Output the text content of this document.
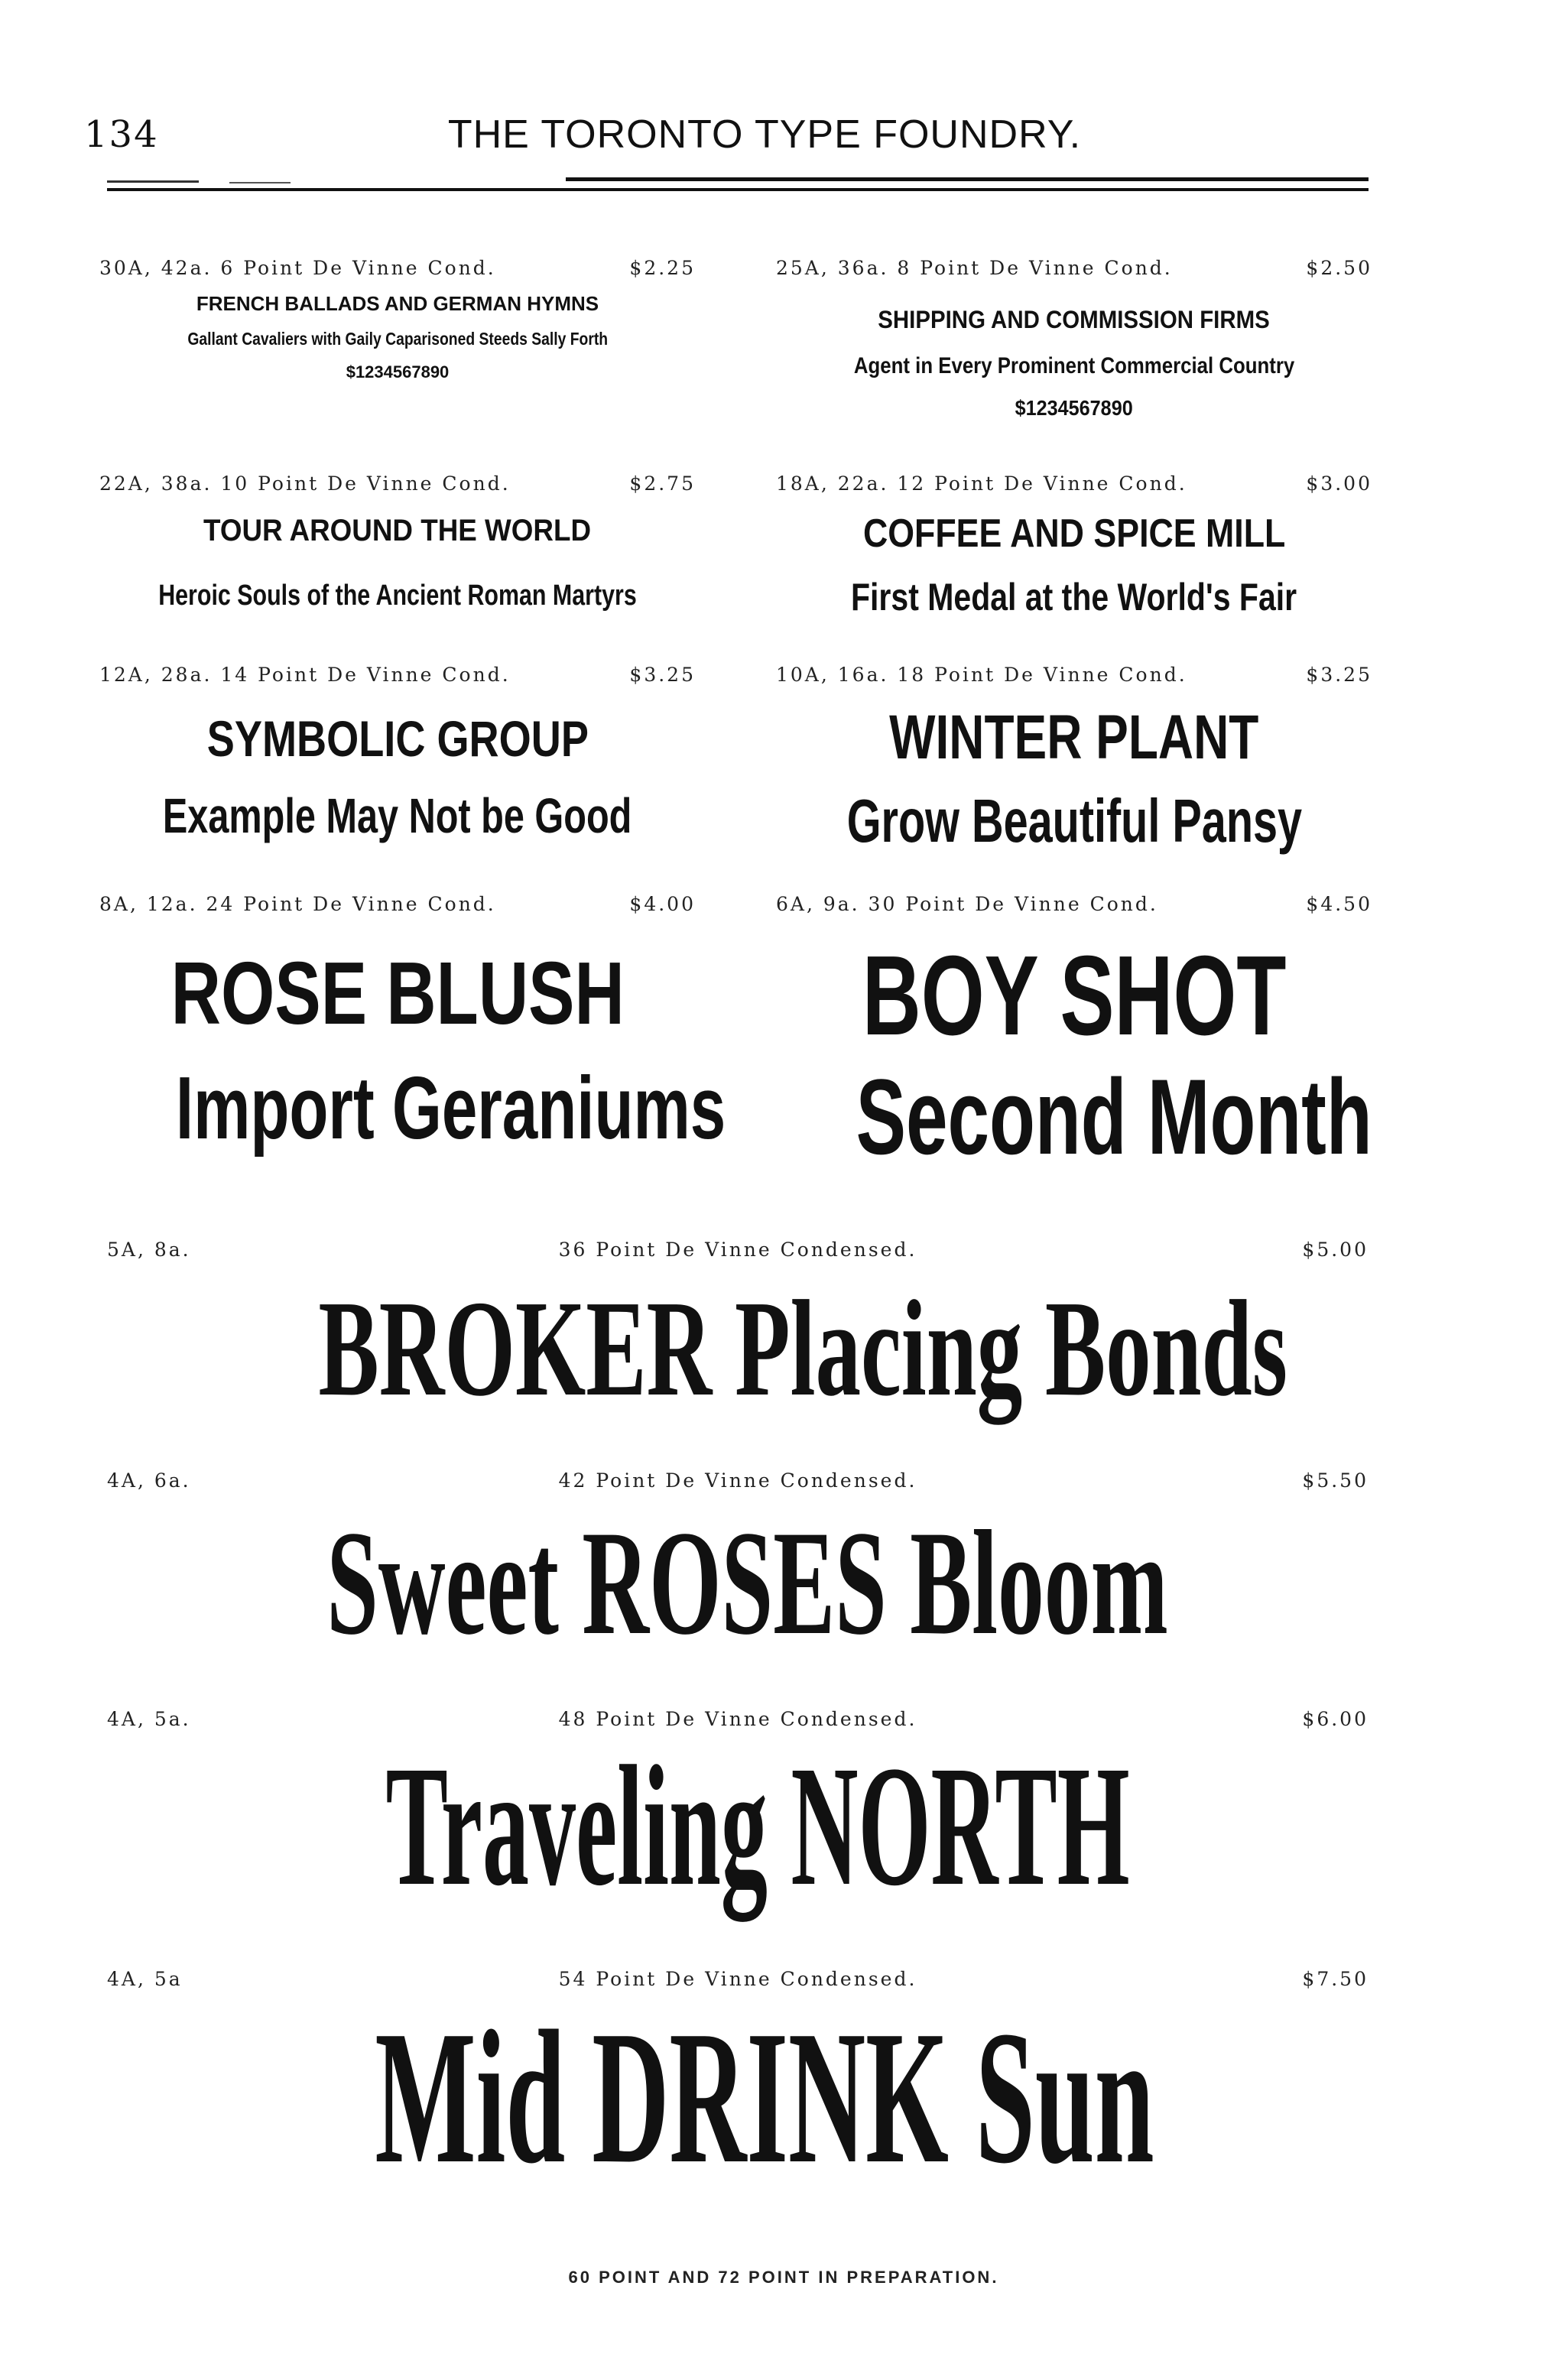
134	THE TORONTO TYPE FOUNDRY.
30A, 42a. 6 Point De Vinne Cond.	$2.25
FRENCH BALLADS AND GERMAN HYMNS
Gallant Cavaliers with Gaily Caparisoned Steeds Sally Forth
$1234567890
22A, 38a. 10 Point De Vinne Cond.	$2.75
TOUR AROUND THE WORLD
Heroic Souls of the Ancient Roman Martyrs
12A, 28a. 14 Point De Vinne Cond.	$3.25
SYMBOLIC GROUP
Example May Not be Good
8A, 12a. 24 Point De Vinne Cond.	$4.00
ROSE BLUSH
Import Geraniums
25A, 36a. 8 Point De Vinne Cond.	$2.50
SHIPPING AND COMMISSION FIRMS
Agent in Every Prominent Commercial Country
$1234567890
18A, 22a. 12 Point De Vinne Cond.	$3.00
COFFEE AND SPICE MILL
First Medal at the World's Fair
10A, 16a. 18 Point De Vinne Cond.	$3.25
WINTER PLANT
Grow Beautiful Pansy
6A, 9a. 30 Point De Vinne Cond.	$4.50
BOY SHOT
Second Month
5A, 8a.	36 Point De Vinne Condensed.	$5.00
BROKER Placing Bonds
4A, 6a.	42 Point De Vinne Condensed.	$5.50
Sweet ROSES Bloom
4A, 5a.	48 Point De Vinne Condensed.	$6.00
Traveling NORTH
4A, 5a	54 Point De Vinne Condensed.	$7.50
Mid DRINK Sun
60 POINT AND 72 POINT IN PREPARATION.
